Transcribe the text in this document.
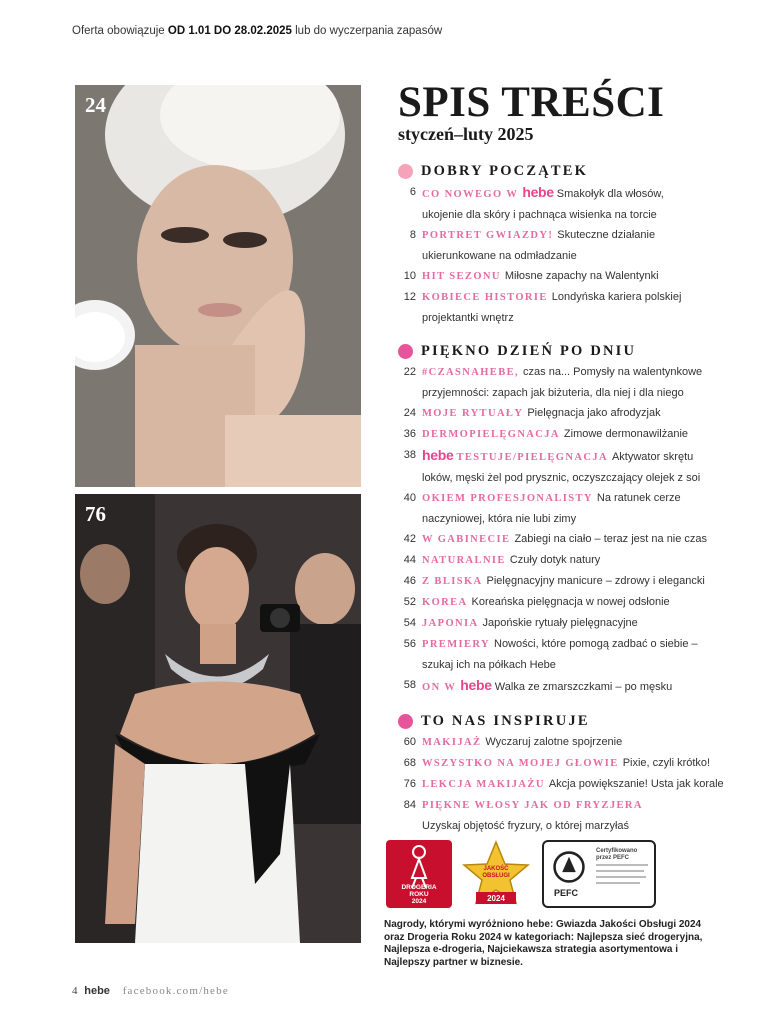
Oferta obowiązuje OD 1.01 DO 28.02.2025 lub do wyczerpania zapasów
24
76
SPIS TREŚCI
styczeń–luty 2025
DOBRY POCZĄTEK
6 CO NOWEGO W hebe Smakołyk dla włosów,
ukojenie dla skóry i pachnąca wisienka na torcie
8 PORTRET GWIAZDY! Skuteczne działanie
ukierunkowane na odmładzanie
10 HIT SEZONU Miłosne zapachy na Walentynki
12 KOBIECE HISTORIE Londyńska kariera polskiej
projektantki wnętrz
PIĘKNO DZIEŃ PO DNIU
22 #CZASNAHEBE, czas na... Pomysły na walentynkowe
przyjemności: zapach jak biżuteria, dla niej i dla niego
24 MOJE RYTUAŁY Pielęgnacja jako afrodyzjak
36 DERMOPIELĘGNACJA Zimowe dermonawilżanie
38 hebe TESTUJE/PIELĘGNACJA Aktywator skrętu
loków, męski żel pod prysznic, oczyszczający olejek z soi
40 OKIEM PROFESJONALISTY Na ratunek cerze
naczyniowej, która nie lubi zimy
42 W GABINECIE Zabiegi na ciało – teraz jest na nie czas
44 NATURALNIE Czuły dotyk natury
46 Z BLISKA Pielęgnacyjny manicure – zdrowy i elegancki
52 KOREA Koreańska pielęgnacja w nowej odsłonie
54 JAPONIA Japońskie rytuały pielęgnacyjne
56 PREMIERY Nowości, które pomogą zadbać o siebie –
szukaj ich na półkach Hebe
58 ON W hebe Walka ze zmarszczkami – po męsku
TO NAS INSPIRUJE
60 MAKIJAŻ Wyczaruj zalotne spojrzenie
68 WSZYSTKO NA MOJEJ GŁOWIE Pixie, czyli krótko!
76 LEKCJA MAKIJAŻU Akcja powiększanie! Usta jak korale
84 PIĘKNE WŁOSY JAK OD FRYZJERA
Uzyskaj objętość fryzury, o której marzyłaś
DROGERIA
ROKU
2024
JAKOŚĆ
OBSŁUGI
2024
PEFC
Certyfikowano przez PEFC

Nagrody, którymi wyróżniono hebe: Gwiazda Jakości Obsługi 2024 oraz Drogeria Roku 2024 w kategoriach: Najlepsza sieć drogeryjna, Najlepsza e-drogeria, Najciekawsza strategia asortymentowa i Najlepszy partner w biznesie.

4 hebe facebook.com/hebe
